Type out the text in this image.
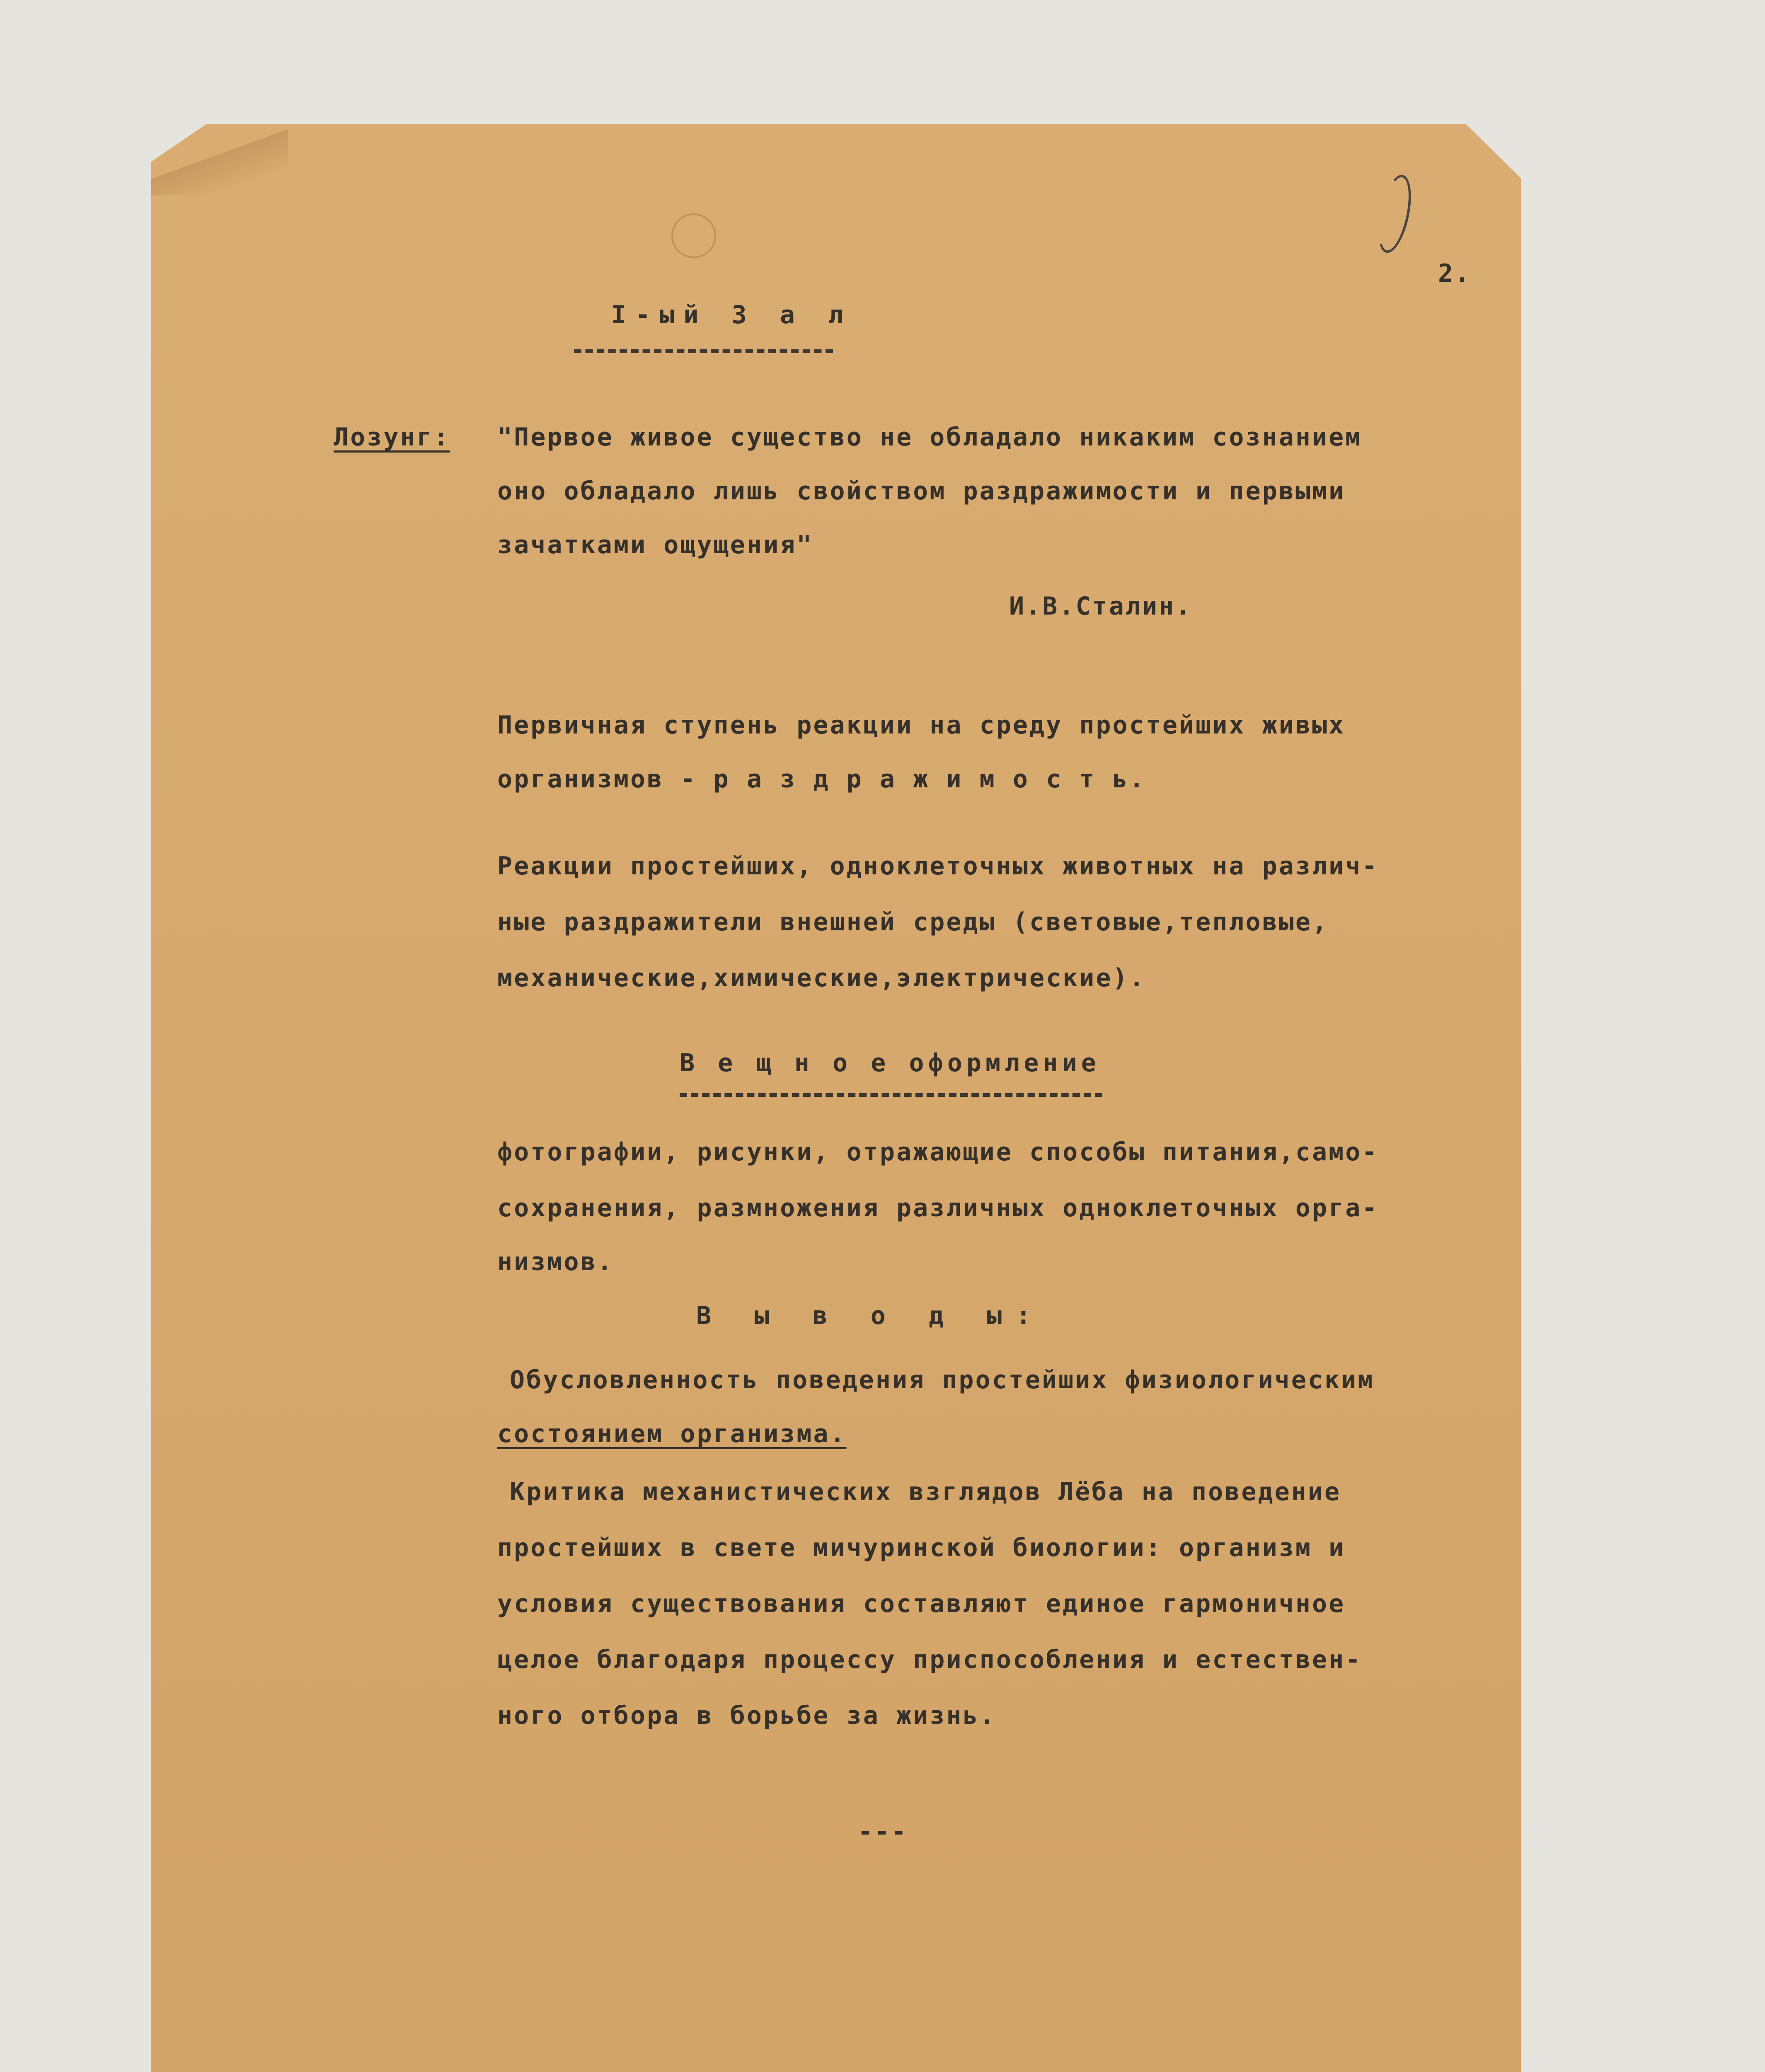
2.
I-ый З а л
Лозунг: "Первое живое существо не обладало никаким сознанием
оно обладало лишь свойством раздражимости и первыми
зачатками ощущения"
И.В.Сталин.
Первичная ступень реакции на среду простейших живых
организмов - р а з д р а ж и м о с т ь.
Реакции простейших, одноклеточных животных на различ-
ные раздражители внешней среды (световые,тепловые,
механические,химические,электрические).
В е щ н о е оформление
фотографии, рисунки, отражающие способы питания,само-
сохранения, размножения различных одноклеточных орга-
низмов.
В ы в о д ы:
Обусловленность поведения простейших физиологическим
состоянием организма.
Критика механистических взглядов Лёба на поведение
простейших в свете мичуринской биологии: организм и
условия существования составляют единое гармоничное
целое благодаря процессу приспособления и естествен-
ного отбора в борьбе за жизнь.
---
